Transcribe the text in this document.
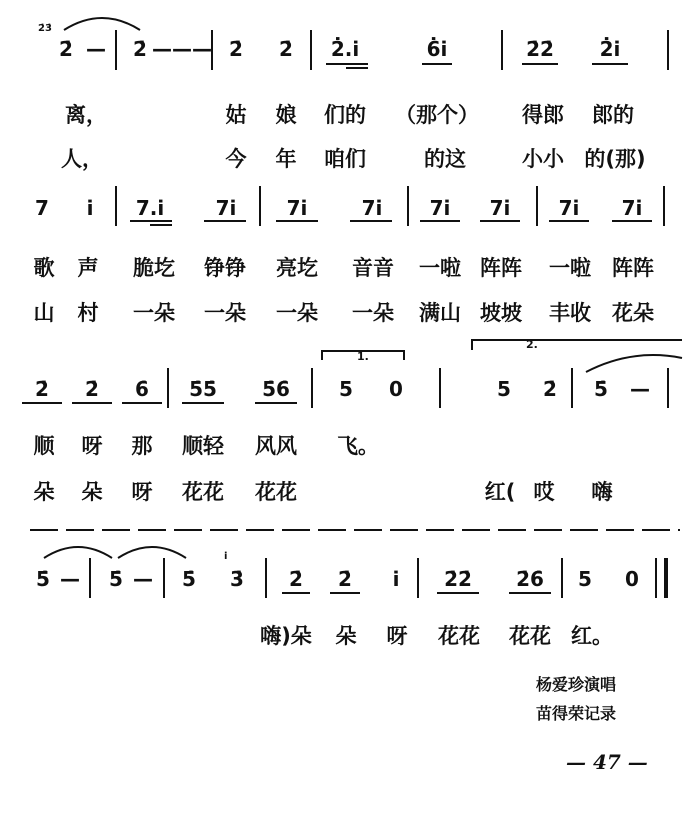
2̇3̇
2̇ — 2̇ ——— 2̇ 2̇ 2̇.i̇	6̇i̇	2̇2̇ 2̇i̇
离，	姑 娘 们的 （那个） 得郎 郎的
人，	今 年 咱们	的这	小小 的(那)
7 i̇ 7.i̇	7i̇	7i̇	7i̇ 7i̇ 7i̇ 7i̇ 7i̇
歌 声 脆圪 铮铮 亮圪 音音 一啦 阵阵 一啦 阵阵
山 村 一朵 一朵 一朵 一朵 满山 坡坡 丰收 花朵
1.
2.
2̇ 2̇ 6̇ 5̇5̇ 5̇6̇ 5 0	5 2̇ 5̇ —
顺 呀 那 顺轻 风风 飞。
朵 朵 呀 花花 花花	红( 哎 嗨
i̇
5̇ — 5̇ — 5̇ 3̇ 2̇ 2̇ i̇ 2̇2̇ 2̇6̇ 5 0
嗨)朵 朵 呀 花花 花花 红。
杨爱珍演唱
苗得荣记录
— 47 —
